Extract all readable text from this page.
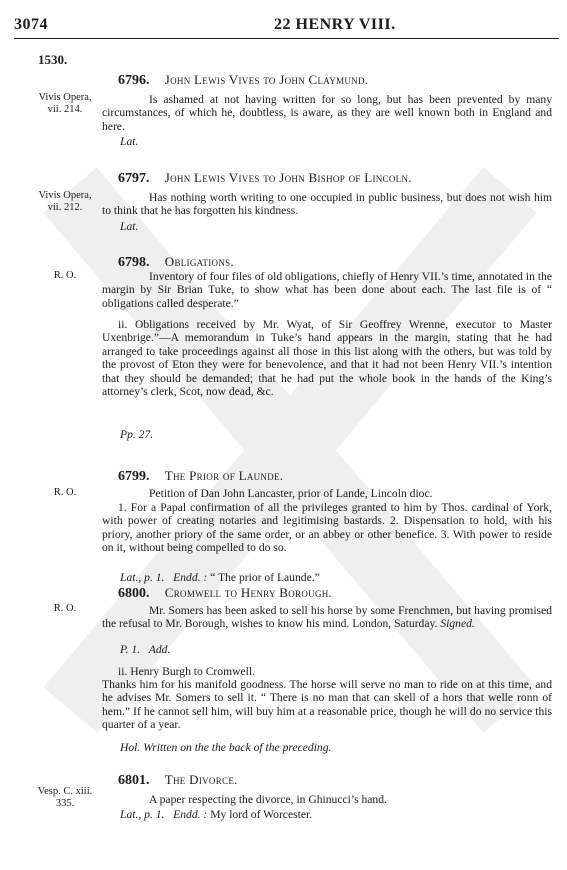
3074	22 HENRY VIII.
1530.
Vivis Opera,
vii. 214.
6796. John Lewis Vives to John Claymund.
Is ashamed at not having written for so long, but has been prevented by many circumstances, of which he, doubtless, is aware, as they are well known both in England and here.
Lat.
Vivis Opera,
vii. 212.
6797. John Lewis Vives to John Bishop of Lincoln.
Has nothing worth writing to one occupied in public business, but does not wish him to think that he has forgotten his kindness.
Lat.
R. O.
6798. Obligations.
Inventory of four files of old obligations, chiefly of Henry VII.’s time, annotated in the margin by Sir Brian Tuke, to show what has been done about each. The last file is of “ obligations called desperate.”
ii. Obligations received by Mr. Wyat, of Sir Geoffrey Wrenne, executor to Master Uxenbrige.”—A memorandum in Tuke’s hand appears in the margin, stating that he had arranged to take proceedings against all those in this list along with the others, but was told by the provost of Eton they were for benevolence, and that it had not been Henry VII.’s intention that they should be demanded; that he had put the whole book in the hands of the King’s attorney’s clerk, Scot, now dead, &c.
Pp. 27.
R. O.
6799. The Prior of Launde.
Petition of Dan John Lancaster, prior of Lande, Lincoln dioc.
1. For a Papal confirmation of all the privileges granted to him by Thos. cardinal of York, with power of creating notaries and legitimising bastards. 2. Dispensation to hold, with his priory, another priory of the same order, or an abbey or other benefice. 3. With power to reside on it, without being compelled to do so.
Lat., p. 1. Endd. : “ The prior of Launde.”
R. O.
6800. Cromwell to Henry Borough.
Mr. Somers has been asked to sell his horse by some Frenchmen, but having promised the refusal to Mr. Borough, wishes to know his mind. London, Saturday. Signed.
P. 1. Add.
ii. Henry Burgh to Cromwell.
Thanks him for his manifold goodness. The horse will serve no man to ride on at this time, and he advises Mr. Somers to sell it. “ There is no man that can skell of a hors that welle ronn of hem.” If he cannot sell him, will buy him at a reasonable price, though he will do no service this quarter of a year.
Hol. Written on the the back of the preceding.
Vesp. C. xiii.
335.
6801. The Divorce.
A paper respecting the divorce, in Ghinucci’s hand.
Lat., p. 1. Endd. : My lord of Worcester.
